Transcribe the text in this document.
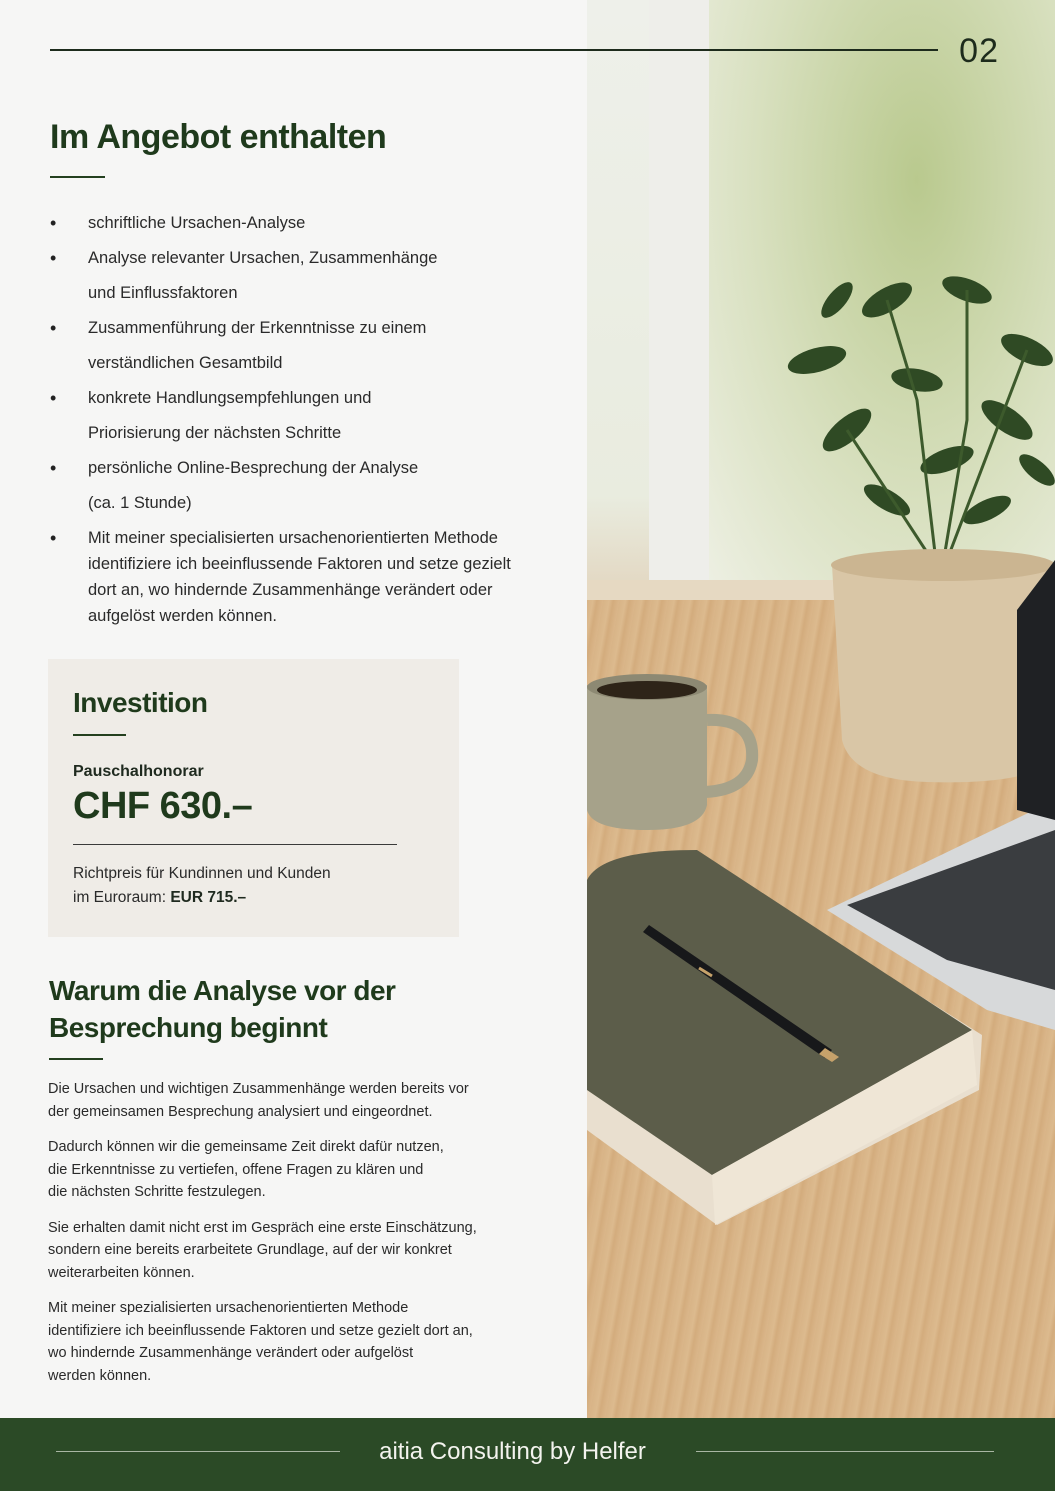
02
Im Angebot enthalten
• schriftliche Ursachen-Analyse
• Analyse relevanter Ursachen, Zusammenhänge
und Einflussfaktoren
• Zusammenführung der Erkenntnisse zu einem
verständlichen Gesamtbild
• konkrete Handlungsempfehlungen und
Priorisierung der nächsten Schritte
• persönliche Online-Besprechung der Analyse
(ca. 1 Stunde)
• Mit meiner specialisierten ursachenorientierten Methode
identifiziere ich beeinflussende Faktoren und setze gezielt
dort an, wo hindernde Zusammenhänge verändert oder
aufgelöst werden können.
Investition
Pauschalhonorar
CHF 630.–
Richtpreis für Kundinnen und Kunden
im Euroraum: EUR 715.–
Warum die Analyse vor der
Besprechung beginnt

Die Ursachen und wichtigen Zusammenhänge werden bereits vor
der gemeinsamen Besprechung analysiert und eingeordnet.

Dadurch können wir die gemeinsame Zeit direkt dafür nutzen,
die Erkenntnisse zu vertiefen, offene Fragen zu klären und
die nächsten Schritte festzulegen.

Sie erhalten damit nicht erst im Gespräch eine erste Einschätzung,
sondern eine bereits erarbeitete Grundlage, auf der wir konkret
weiterarbeiten können.

Mit meiner spezialisierten ursachenorientierten Methode
identifiziere ich beeinflussende Faktoren und setze gezielt dort an,
wo hindernde Zusammenhänge verändert oder aufgelöst
werden können.

aitia Consulting by Helfer
